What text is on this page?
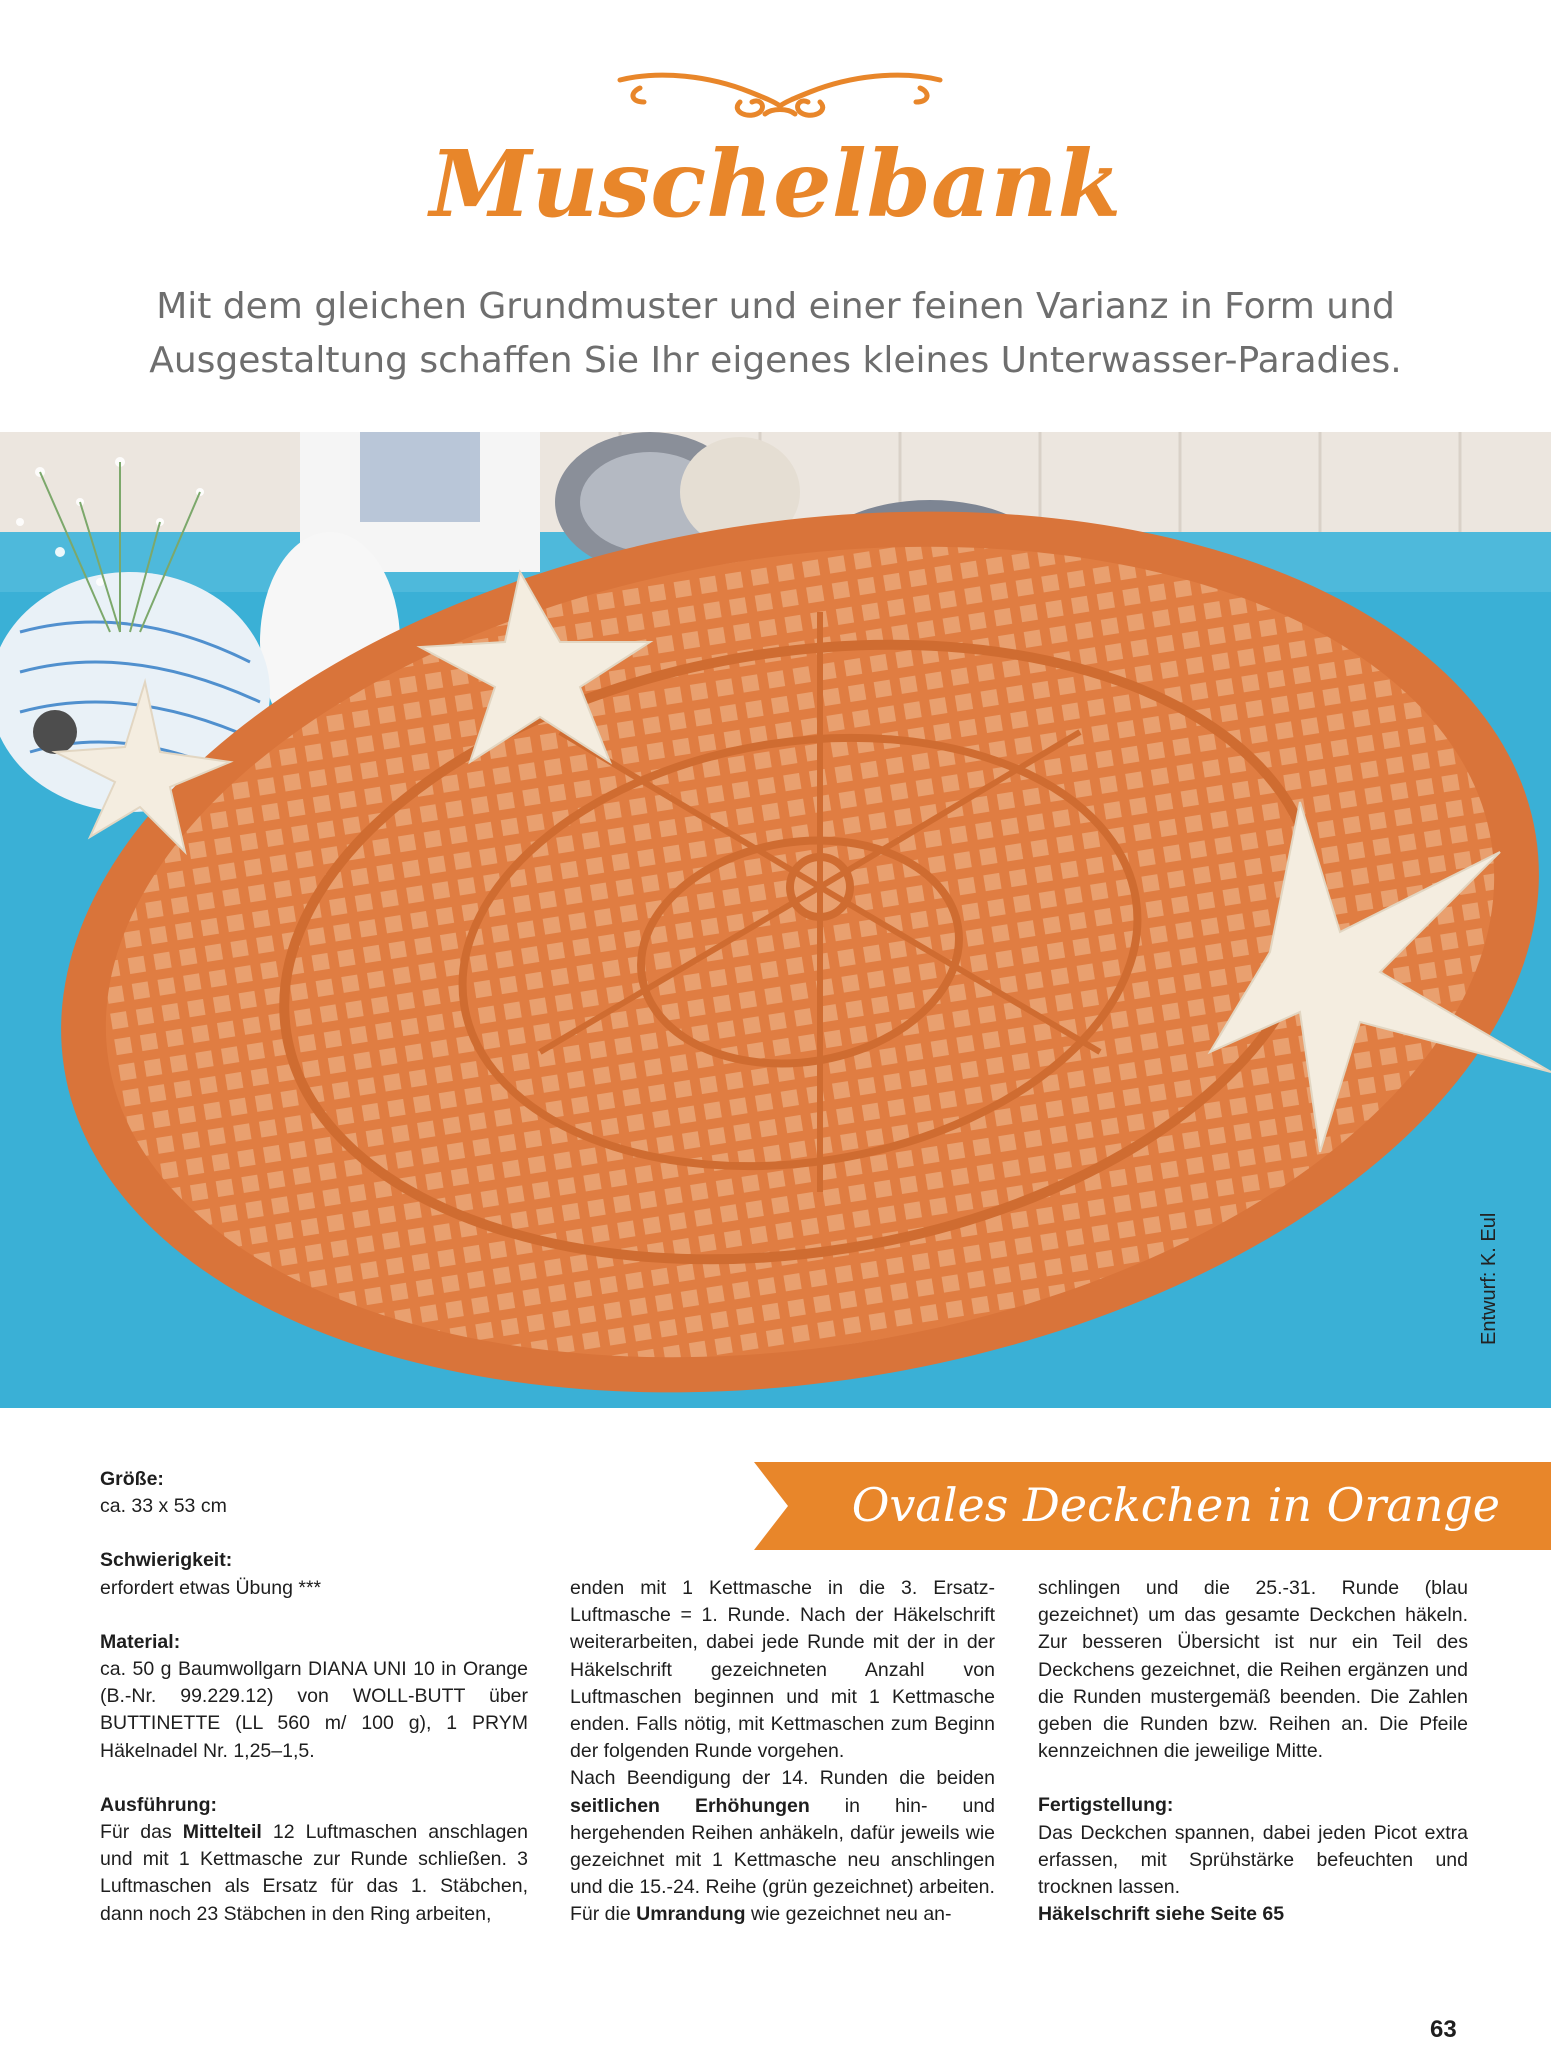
Muschelbank
Mit dem gleichen Grundmuster und einer feinen Varianz in Form und
Ausgestaltung schaffen Sie Ihr eigenes kleines Unterwasser-Paradies.
Entwurf: K. Eul
Ovales Deckchen in Orange

Größe:

ca. 33 x 53 cm

Schwierigkeit:

erfordert etwas Übung ***

Material:

ca. 50 g Baumwollgarn DIANA UNI 10 in Orange (B.-Nr. 99.229.12) von WOLL-BUTT über BUTTINETTE (LL 560 m/ 100 g), 1 PRYM Häkelnadel Nr. 1,25–1,5.

Ausführung:

Für das Mittelteil 12 Luftmaschen anschlagen und mit 1 Kettmasche zur Runde schließen. 3 Luftmaschen als Ersatz für das 1. Stäbchen, dann noch 23 Stäbchen in den Ring arbeiten,

enden mit 1 Kettmasche in die 3. Ersatz-Luftmasche = 1. Runde. Nach der Häkelschrift weiterarbeiten, dabei jede Runde mit der in der Häkelschrift gezeichneten Anzahl von Luftmaschen beginnen und mit 1 Kettmasche enden. Falls nötig, mit Kettmaschen zum Beginn der folgenden Runde vorgehen.

Nach Beendigung der 14. Runden die beiden seitlichen Erhöhungen in hin- und hergehenden Reihen anhäkeln, dafür jeweils wie gezeichnet mit 1 Kettmasche neu anschlingen und die 15.-24. Reihe (grün gezeichnet) arbeiten.

Für die Umrandung wie gezeichnet neu an-

schlingen und die 25.-31. Runde (blau gezeichnet) um das gesamte Deckchen häkeln. Zur besseren Übersicht ist nur ein Teil des Deckchens gezeichnet, die Reihen ergänzen und die Runden mustergemäß beenden. Die Zahlen geben die Runden bzw. Reihen an. Die Pfeile kennzeichnen die jeweilige Mitte.

Fertigstellung:

Das Deckchen spannen, dabei jeden Picot extra erfassen, mit Sprühstärke befeuchten und trocknen lassen.

Häkelschrift siehe Seite 65

63
